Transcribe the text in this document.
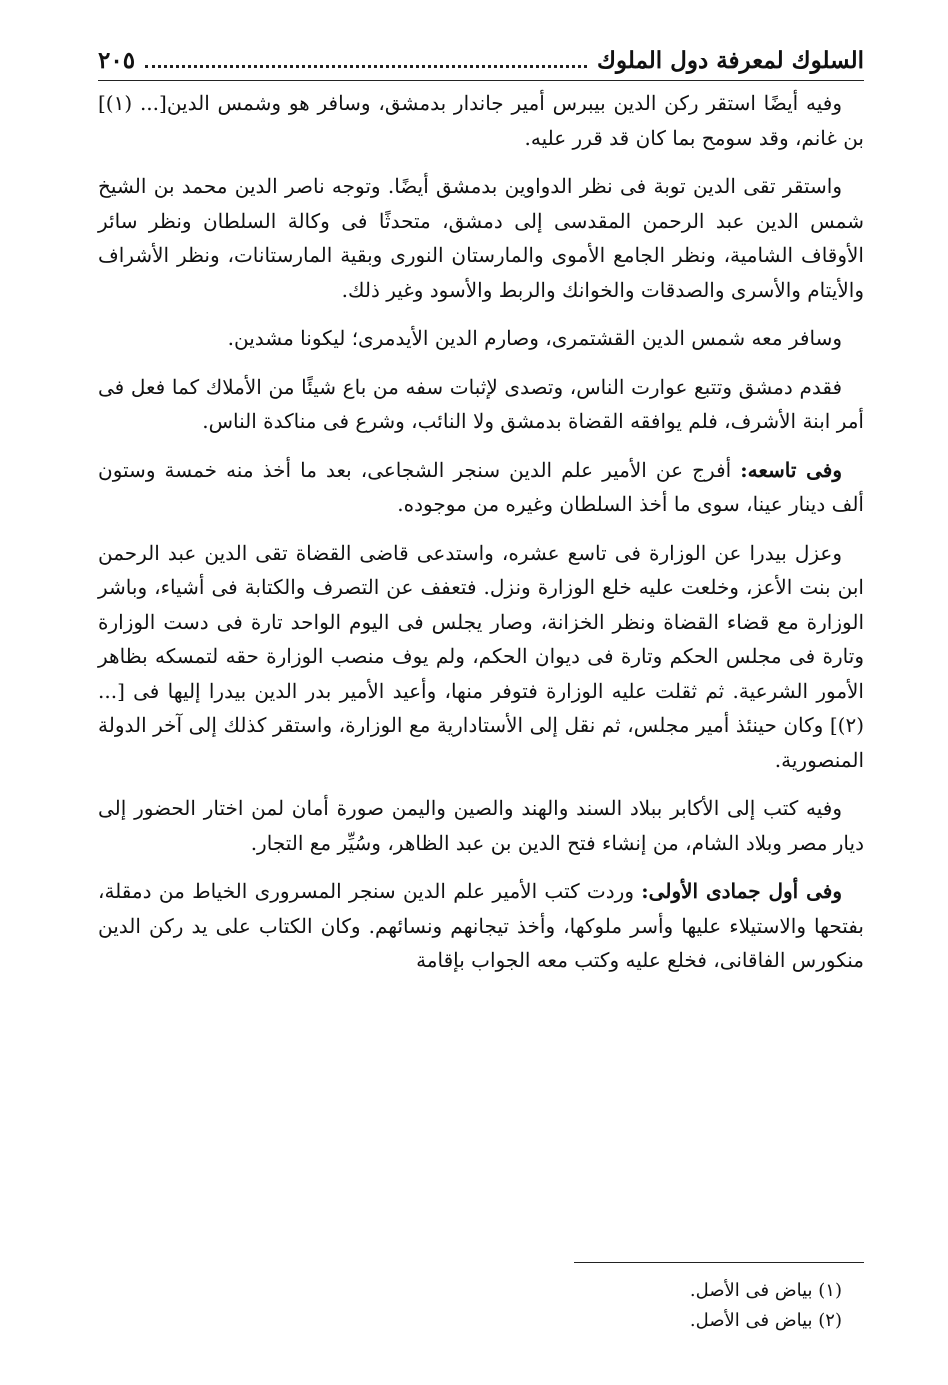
السلوك لمعرفة دول الملوك
٢٠٥

وفيه أيضًا استقر ركن الدين بيبرس أمير جاندار بدمشق، وسافر هو وشمس الدين[... (١)] بن غانم، وقد سومح بما كان قد قرر عليه.

واستقر تقى الدين توبة فى نظر الدواوين بدمشق أيضًا. وتوجه ناصر الدين محمد بن الشيخ شمس الدين عبد الرحمن المقدسى إلى دمشق، متحدثًا فى وكالة السلطان ونظر سائر الأوقاف الشامية، ونظر الجامع الأموى والمارستان النورى وبقية المارستانات، ونظر الأشراف والأيتام والأسرى والصدقات والخوانك والربط والأسود وغير ذلك.

وسافر معه شمس الدين القشتمرى، وصارم الدين الأيدمرى؛ ليكونا مشدين.

فقدم دمشق وتتبع عوارت الناس، وتصدى لإثبات سفه من باع شيئًا من الأملاك كما فعل فى أمر ابنة الأشرف، فلم يوافقه القضاة بدمشق ولا النائب، وشرع فى مناكدة الناس.

وفى تاسعه: أفرج عن الأمير علم الدين سنجر الشجاعى، بعد ما أخذ منه خمسة وستون ألف دينار عينا، سوى ما أخذ السلطان وغيره من موجوده.

وعزل بيدرا عن الوزارة فى تاسع عشره، واستدعى قاضى القضاة تقى الدين عبد الرحمن ابن بنت الأعز، وخلعت عليه خلع الوزارة ونزل. فتعفف عن التصرف والكتابة فى أشياء، وباشر الوزارة مع قضاء القضاة ونظر الخزانة، وصار يجلس فى اليوم الواحد تارة فى دست الوزارة وتارة فى مجلس الحكم وتارة فى ديوان الحكم، ولم يوف منصب الوزارة حقه لتمسكه بظاهر الأمور الشرعية. ثم ثقلت عليه الوزارة فتوفر منها، وأعيد الأمير بدر الدين بيدرا إليها فى [... (٢)] وكان حينئذ أمير مجلس، ثم نقل إلى الأستادارية مع الوزارة، واستقر كذلك إلى آخر الدولة المنصورية.

وفيه كتب إلى الأكابر ببلاد السند والهند والصين واليمن صورة أمان لمن اختار الحضور إلى ديار مصر وبلاد الشام، من إنشاء فتح الدين بن عبد الظاهر، وسُيِّر مع التجار.

وفى أول جمادى الأولى: وردت كتب الأمير علم الدين سنجر المسرورى الخياط من دمقلة، بفتحها والاستيلاء عليها وأسر ملوكها، وأخذ تيجانهم ونسائهم. وكان الكتاب على يد ركن الدين منكورس الفاقانى، فخلع عليه وكتب معه الجواب بإقامة

(١) بياض فى الأصل.
(٢) بياض فى الأصل.
